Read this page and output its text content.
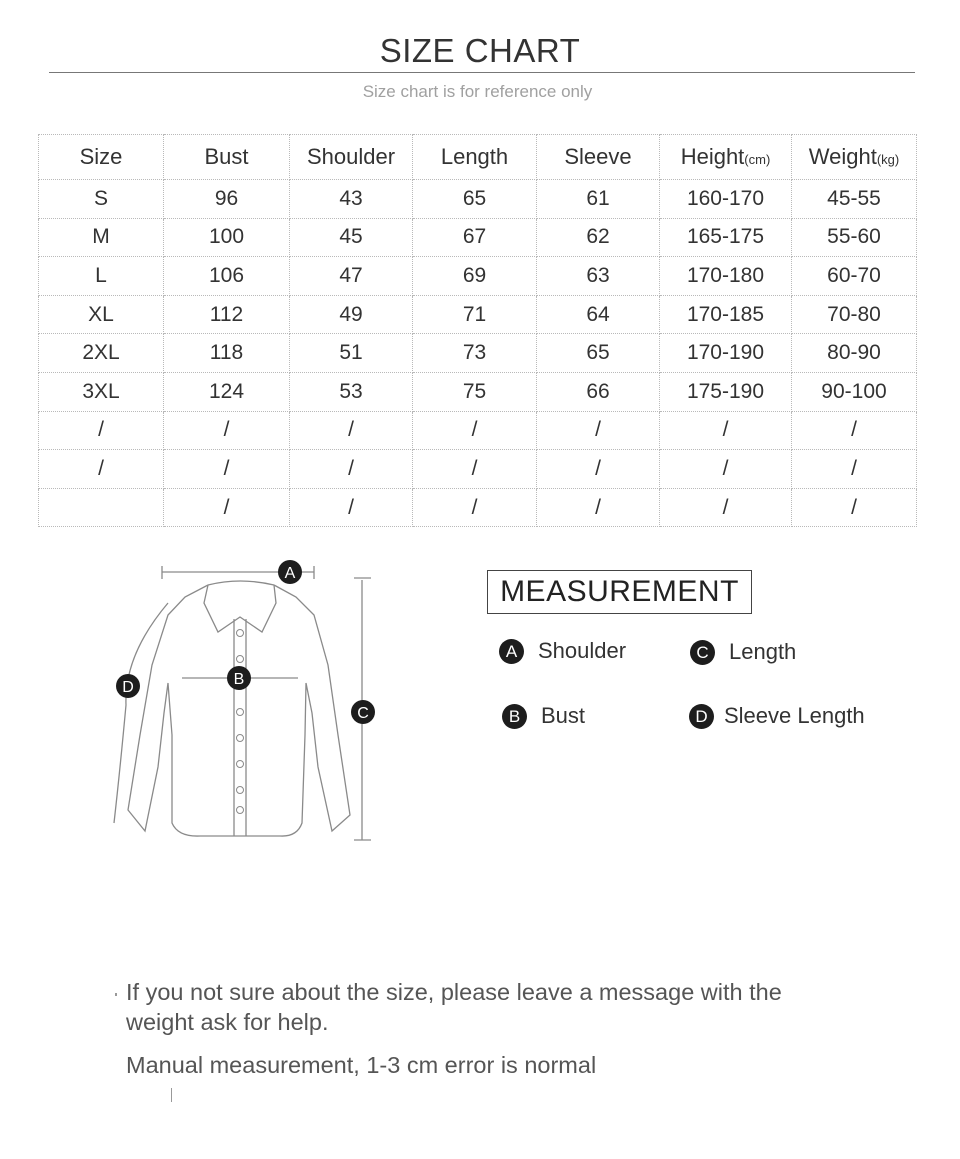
SIZE CHART
Size chart is for reference only
Size	Bust	Shoulder	Length	Sleeve	Height(cm)	Weight(kg)
S	96	43	65	61	160-170	45-55
M	100	45	67	62	165-175	55-60
L	106	47	69	63	170-180	60-70
XL	112	49	71	64	170-185	70-80
2XL	118	51	73	65	170-190	80-90
3XL	124	53	75	66	175-190	90-100
/	/	/	/	/	/	/
/	/	/	/	/	/	/
	/	/	/	/	/	/
A
B
C
D
MEASUREMENT
A Shoulder	C Length
B Bust	D Sleeve Length
If you not sure about the size, please leave a message with the
weight ask for help.
Manual measurement, 1-3 cm error is normal
